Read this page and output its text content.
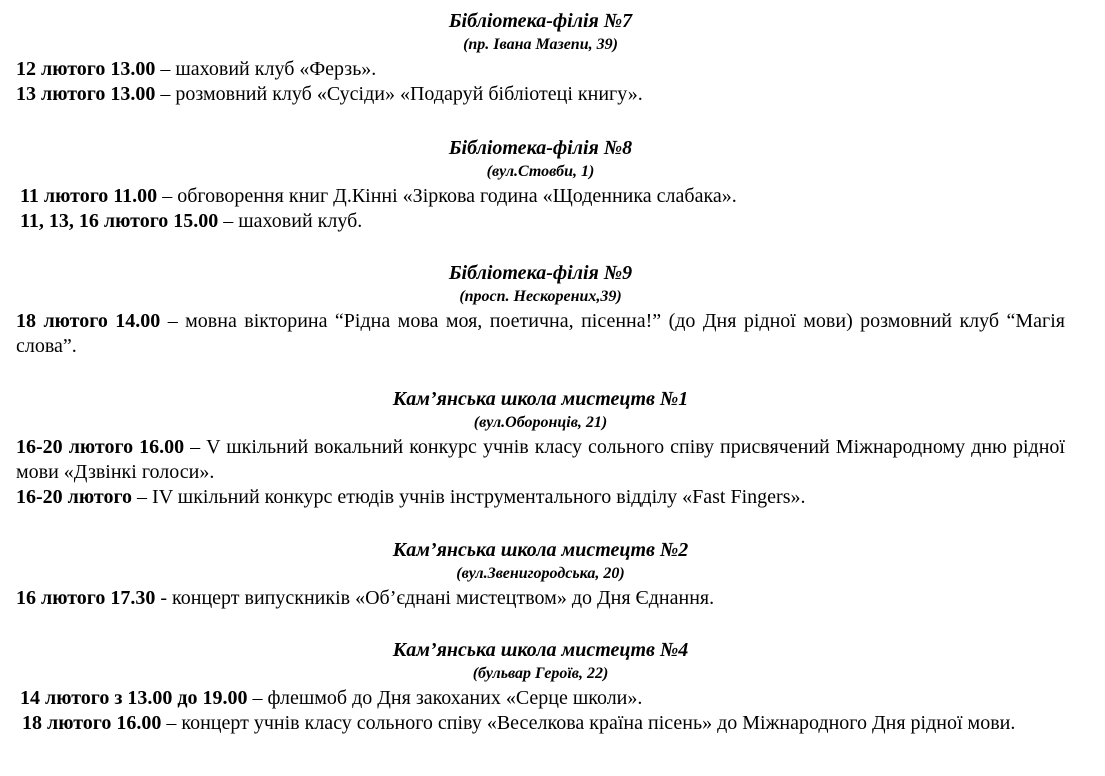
Бібліотека-філія №7
(пр. Івана Мазепи, 39)
12 лютого 13.00 – шаховий клуб «Ферзь».
13 лютого 13.00 – розмовний клуб «Сусіди» «Подаруй бібліотеці книгу».
Бібліотека-філія №8
(вул.Стовби, 1)
11 лютого 11.00 – обговорення книг Д.Кінні «Зіркова година «Щоденника слабака».
11, 13, 16 лютого 15.00 – шаховий клуб.
Бібліотека-філія №9
(просп. Нескорених,39)
18 лютого 14.00 – мовна вікторина “Рідна мова моя, поетична, пісенна!” (до Дня рідної мови) розмовний клуб “Магія слова”.
Кам’янська школа мистецтв №1
(вул.Оборонців, 21)
16-20 лютого 16.00 – V шкільний вокальний конкурс учнів класу сольного співу присвячений Міжнародному дню рідної мови «Дзвінкі голоси».
16-20 лютого – IV шкільний конкурс етюдів учнів інструментального відділу «Fast Fingers».
Кам’янська школа мистецтв №2
(вул.Звенигородська, 20)
16 лютого 17.30 - концерт випускників «Об’єднані мистецтвом» до Дня Єднання.
Кам’янська школа мистецтв №4
(бульвар Героїв, 22)
14 лютого з 13.00 до 19.00 – флешмоб до Дня закоханих «Серце школи».
18 лютого 16.00 – концерт учнів класу сольного співу «Веселкова країна пісень» до Міжнародного Дня рідної мови.
